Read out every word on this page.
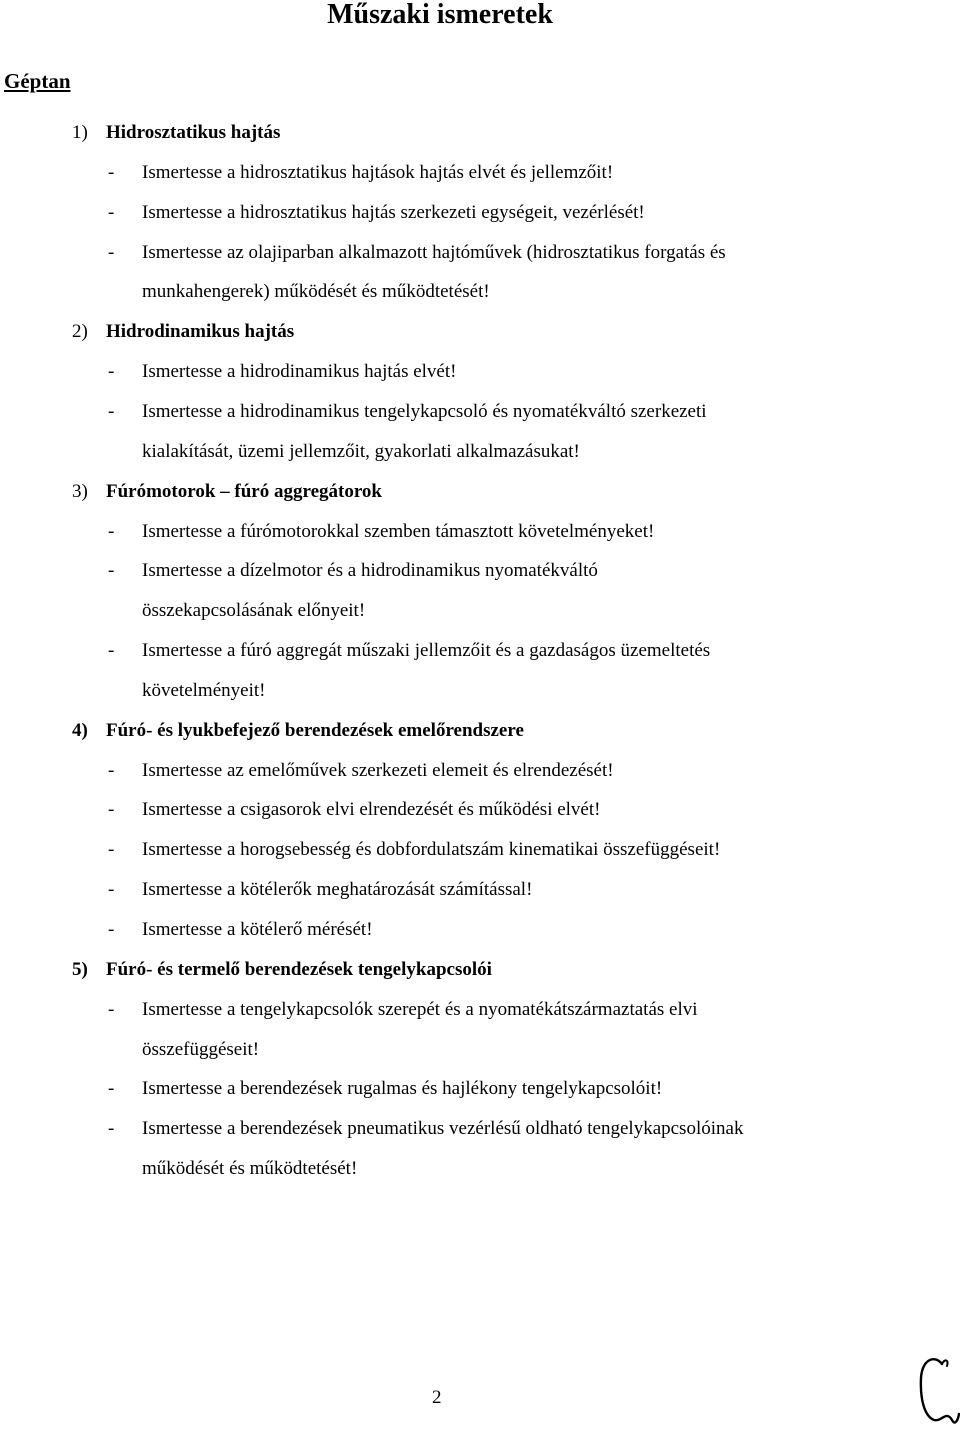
Műszaki ismeretek
Géptan
1) Hidrosztatikus hajtás
- Ismertesse a hidrosztatikus hajtások hajtás elvét és jellemzőit!
- Ismertesse a hidrosztatikus hajtás szerkezeti egységeit, vezérlését!
- Ismertesse az olajiparban alkalmazott hajtóművek (hidrosztatikus forgatás és
munkahengerek) működését és működtetését!
2) Hidrodinamikus hajtás
- Ismertesse a hidrodinamikus hajtás elvét!
- Ismertesse a hidrodinamikus tengelykapcsoló és nyomatékváltó szerkezeti
kialakítását, üzemi jellemzőit, gyakorlati alkalmazásukat!
3) Fúrómotorok – fúró aggregátorok
- Ismertesse a fúrómotorokkal szemben támasztott követelményeket!
- Ismertesse a dízelmotor és a hidrodinamikus nyomatékváltó
összekapcsolásának előnyeit!
- Ismertesse a fúró aggregát műszaki jellemzőit és a gazdaságos üzemeltetés
követelményeit!
4) Fúró- és lyukbefejező berendezések emelőrendszere
- Ismertesse az emelőművek szerkezeti elemeit és elrendezését!
- Ismertesse a csigasorok elvi elrendezését és működési elvét!
- Ismertesse a horogsebesség és dobfordulatszám kinematikai összefüggéseit!
- Ismertesse a kötélerők meghatározását számítással!
- Ismertesse a kötélerő mérését!
5) Fúró- és termelő berendezések tengelykapcsolói
- Ismertesse a tengelykapcsolók szerepét és a nyomatékátszármaztatás elvi
összefüggéseit!
- Ismertesse a berendezések rugalmas és hajlékony tengelykapcsolóit!
- Ismertesse a berendezések pneumatikus vezérlésű oldható tengelykapcsolóinak
működését és működtetését!
2
